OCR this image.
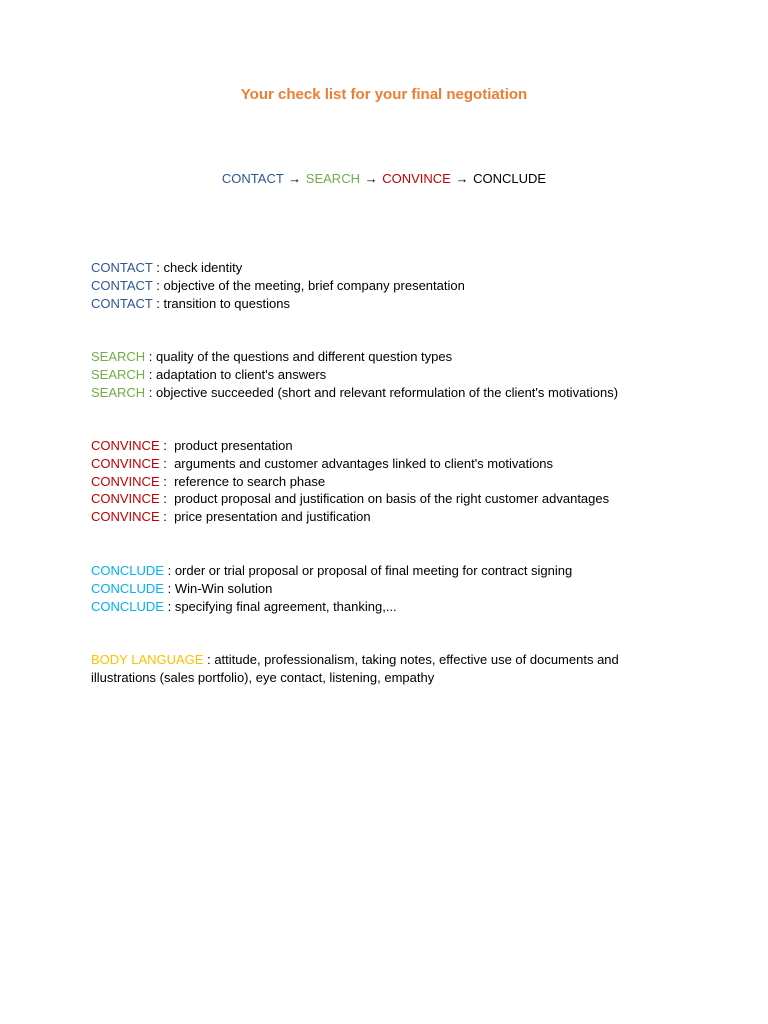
Your check list for your final negotiation
CONTACT → SEARCH → CONVINCE → CONCLUDE
CONTACT : check identity
CONTACT : objective of the meeting, brief company presentation
CONTACT : transition to questions
SEARCH : quality of the questions and different question types
SEARCH : adaptation to client's answers
SEARCH : objective succeeded (short and relevant reformulation of the client's motivations)
CONVINCE :  product presentation
CONVINCE :  arguments and customer advantages linked to client's motivations
CONVINCE :  reference to search phase
CONVINCE :  product proposal and justification on basis of the right customer advantages
CONVINCE :  price presentation and justification
CONCLUDE : order or trial proposal or proposal of final meeting for contract signing
CONCLUDE : Win-Win solution
CONCLUDE : specifying final agreement, thanking,...
BODY LANGUAGE : attitude, professionalism, taking notes, effective use of documents and illustrations (sales portfolio), eye contact, listening, empathy
